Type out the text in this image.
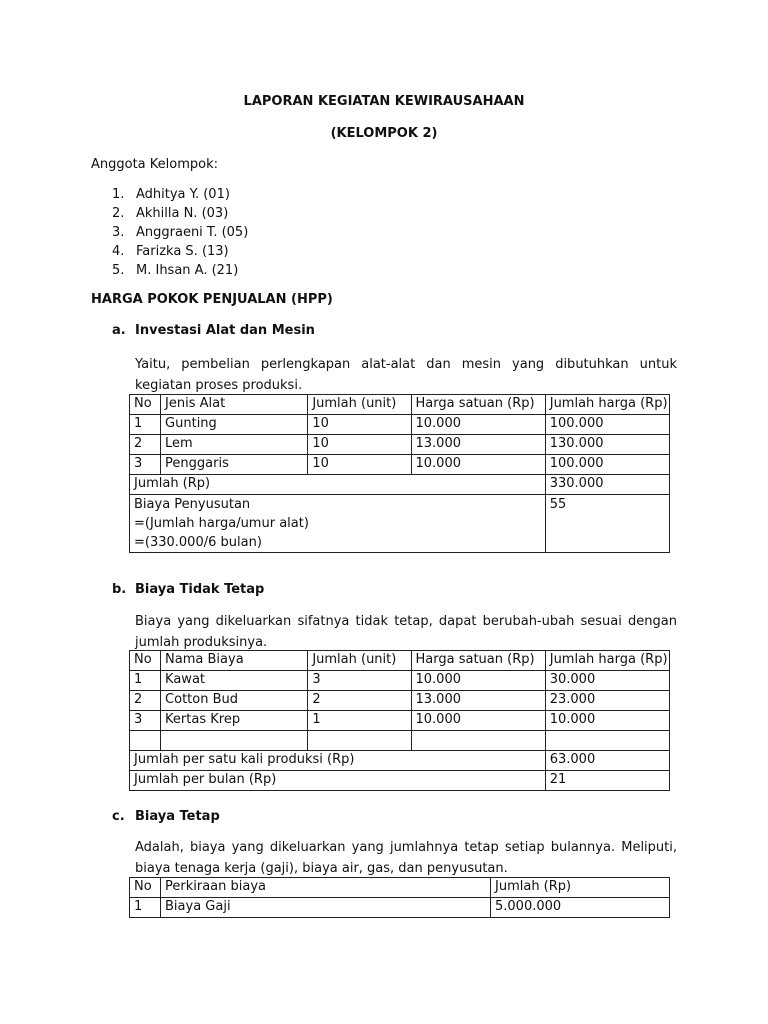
LAPORAN KEGIATAN KEWIRAUSAHAAN

(KELOMPOK 2)

Anggota Kelompok:

1. Adhitya Y. (01)
2. Akhilla N. (03)
3. Anggraeni T. (05)
4. Farizka S. (13)
5. M. Ihsan A. (21)

HARGA POKOK PENJUALAN (HPP)

a. Investasi Alat dan Mesin

Yaitu, pembelian perlengkapan alat-alat dan mesin yang dibutuhkan untuk kegiatan proses produksi.

No	Jenis Alat	Jumlah (unit)	Harga satuan (Rp)	Jumlah harga (Rp)
1	Gunting	10	10.000	100.000
2	Lem	10	13.000	130.000
3	Penggaris	10	10.000	100.000
Jumlah (Rp)				330.000

Biaya Penyusutan
=(Jumlah harga/umur alat)
=(330.000/6 bulan)				55
b. Biaya Tidak Tetap

Biaya yang dikeluarkan sifatnya tidak tetap, dapat berubah-ubah sesuai dengan jumlah produksinya.

No	Nama Biaya	Jumlah (unit)	Harga satuan (Rp)	Jumlah harga (Rp)
1	Kawat	3	10.000	30.000
2	Cotton Bud	2	13.000	23.000
3	Kertas Krep	1	10.000	10.000

Jumlah per satu kali produksi (Rp)				63.000
Jumlah per bulan (Rp)				21
c. Biaya Tetap

Adalah, biaya yang dikeluarkan yang jumlahnya tetap setiap bulannya. Meliputi, biaya tenaga kerja (gaji), biaya air, gas, dan penyusutan.

No	Perkiraan biaya	Jumlah (Rp)
1	Biaya Gaji	5.000.000
